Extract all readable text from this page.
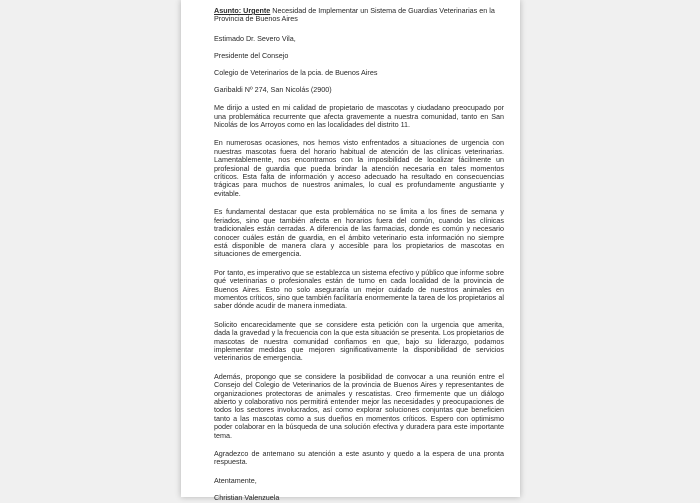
Asunto: Urgente Necesidad de Implementar un Sistema de Guardias Veterinarias en la Provincia de Buenos Aires

Estimado Dr. Severo Vila,

Presidente del Consejo

Colegio de Veterinarios de la pcia. de Buenos Aires

Garibaldi Nº 274, San Nicolás (2900)

Me dirijo a usted en mi calidad de propietario de mascotas y ciudadano preocupado por una problemática recurrente que afecta gravemente a nuestra comunidad, tanto en San Nicolás de los Arroyos como en las localidades del distrito 11.

En numerosas ocasiones, nos hemos visto enfrentados a situaciones de urgencia con nuestras mascotas fuera del horario habitual de atención de las clínicas veterinarias. Lamentablemente, nos encontramos con la imposibilidad de localizar fácilmente un profesional de guardia que pueda brindar la atención necesaria en tales momentos críticos. Esta falta de información y acceso adecuado ha resultado en consecuencias trágicas para muchos de nuestros animales, lo cual es profundamente angustiante y evitable.

Es fundamental destacar que esta problemática no se limita a los fines de semana y feriados, sino que también afecta en horarios fuera del común, cuando las clínicas tradicionales están cerradas. A diferencia de las farmacias, donde es común y necesario conocer cuáles están de guardia, en el ámbito veterinario esta información no siempre está disponible de manera clara y accesible para los propietarios de mascotas en situaciones de emergencia.

Por tanto, es imperativo que se establezca un sistema efectivo y público que informe sobre qué veterinarias o profesionales están de turno en cada localidad de la provincia de Buenos Aires. Esto no solo aseguraría un mejor cuidado de nuestros animales en momentos críticos, sino que también facilitaría enormemente la tarea de los propietarios al saber dónde acudir de manera inmediata.

Solicito encarecidamente que se considere esta petición con la urgencia que amerita, dada la gravedad y la frecuencia con la que esta situación se presenta. Los propietarios de mascotas de nuestra comunidad confiamos en que, bajo su liderazgo, podamos implementar medidas que mejoren significativamente la disponibilidad de servicios veterinarios de emergencia.

Además, propongo que se considere la posibilidad de convocar a una reunión entre el Consejo del Colegio de Veterinarios de la provincia de Buenos Aires y representantes de organizaciones protectoras de animales y rescatistas. Creo firmemente que un diálogo abierto y colaborativo nos permitirá entender mejor las necesidades y preocupaciones de todos los sectores involucrados, así como explorar soluciones conjuntas que beneficien tanto a las mascotas como a sus dueños en momentos críticos. Espero con optimismo poder colaborar en la búsqueda de una solución efectiva y duradera para este importante tema.

Agradezco de antemano su atención a este asunto y quedo a la espera de una pronta respuesta.

Atentamente,

Christian Valenzuela
